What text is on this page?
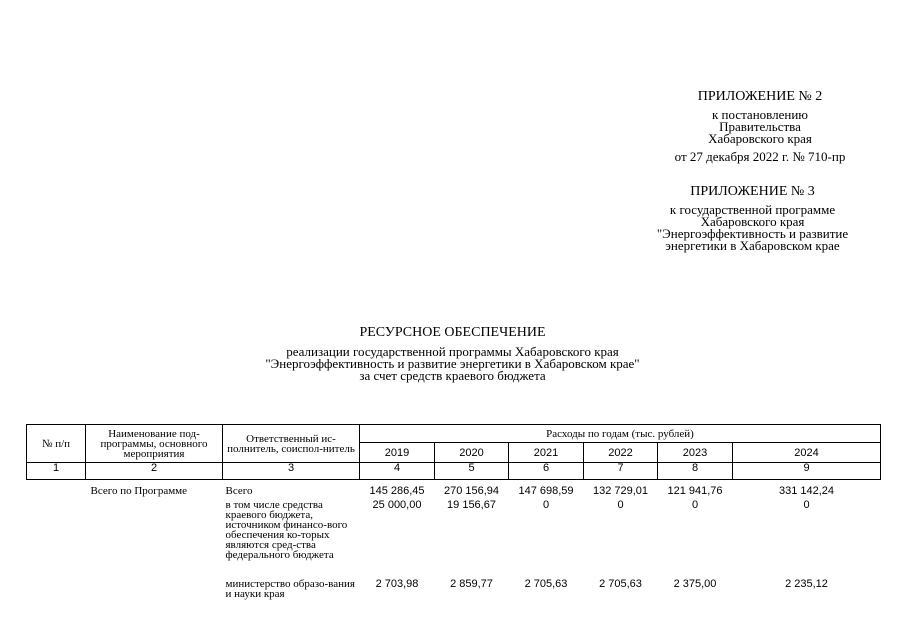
ПРИЛОЖЕНИЕ № 2
к постановлению
Правительства
Хабаровского края
от 27 декабря 2022 г. № 710-пр
ПРИЛОЖЕНИЕ № 3
к государственной программе
Хабаровского края
"Энергоэффективность и развитие
энергетики в Хабаровском крае
РЕСУРСНОЕ ОБЕСПЕЧЕНИЕ
реализации государственной программы Хабаровского края
"Энергоэффективность и развитие энергетики в Хабаровском крае"
за счет средств краевого бюджета
№ п/п	Наименование под-программы, основного мероприятия	Ответственный ис-полнитель, соиспол-нитель	Расходы по годам (тыс. рублей)					
			2019	2020	2021	2022	2023	2024
1	2	3	4	5	6	7	8	9
	Всего по Программе	Всего	145 286,45	270 156,94	147 698,59	132 729,01	121 941,76	331 142,24
		в том числе средства краевого бюджета, источником финансо-вого обеспечения ко-торых являются сред-ства федерального бюджета	25 000,00	19 156,67	0	0	0	0
		министерство образо-вания и науки края	2 703,98	2 859,77	2 705,63	2 705,63	2 375,00	2 235,12
